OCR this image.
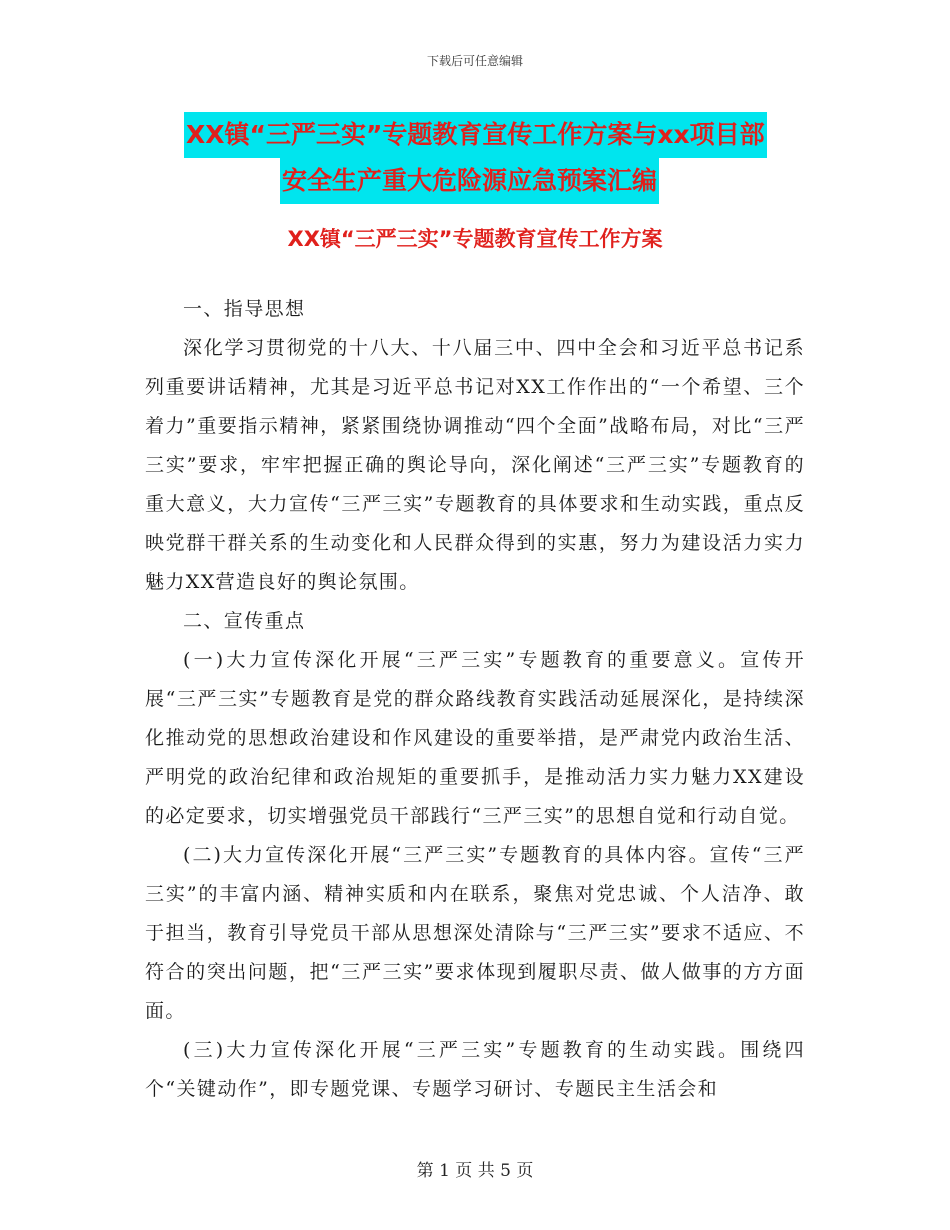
下载后可任意编辑
XX镇“三严三实”专题教育宣传工作方案与xx项目部
安全生产重大危险源应急预案汇编
XX镇“三严三实”专题教育宣传工作方案

一、指导思想

深化学习贯彻党的十八大、十八届三中、四中全会和习近平总书记系列重要讲话精神，尤其是习近平总书记对XX工作作出的“一个希望、三个着力”重要指示精神，紧紧围绕协调推动“四个全面”战略布局，对比“三严三实”要求，牢牢把握正确的舆论导向，深化阐述“三严三实”专题教育的重大意义，大力宣传“三严三实”专题教育的具体要求和生动实践，重点反映党群干群关系的生动变化和人民群众得到的实惠，努力为建设活力实力魅力XX营造良好的舆论氛围。

二、宣传重点

(一)大力宣传深化开展“三严三实”专题教育的重要意义。宣传开展“三严三实”专题教育是党的群众路线教育实践活动延展深化，是持续深化推动党的思想政治建设和作风建设的重要举措，是严肃党内政治生活、严明党的政治纪律和政治规矩的重要抓手，是推动活力实力魅力XX建设的必定要求，切实增强党员干部践行“三严三实”的思想自觉和行动自觉。

(二)大力宣传深化开展“三严三实”专题教育的具体内容。宣传“三严三实”的丰富内涵、精神实质和内在联系，聚焦对党忠诚、个人洁净、敢于担当，教育引导党员干部从思想深处清除与“三严三实”要求不适应、不符合的突出问题，把“三严三实”要求体现到履职尽责、做人做事的方方面面。

(三)大力宣传深化开展“三严三实”专题教育的生动实践。围绕四个“关键动作”，即专题党课、专题学习研讨、专题民主生活会和

第 1 页 共 5 页
